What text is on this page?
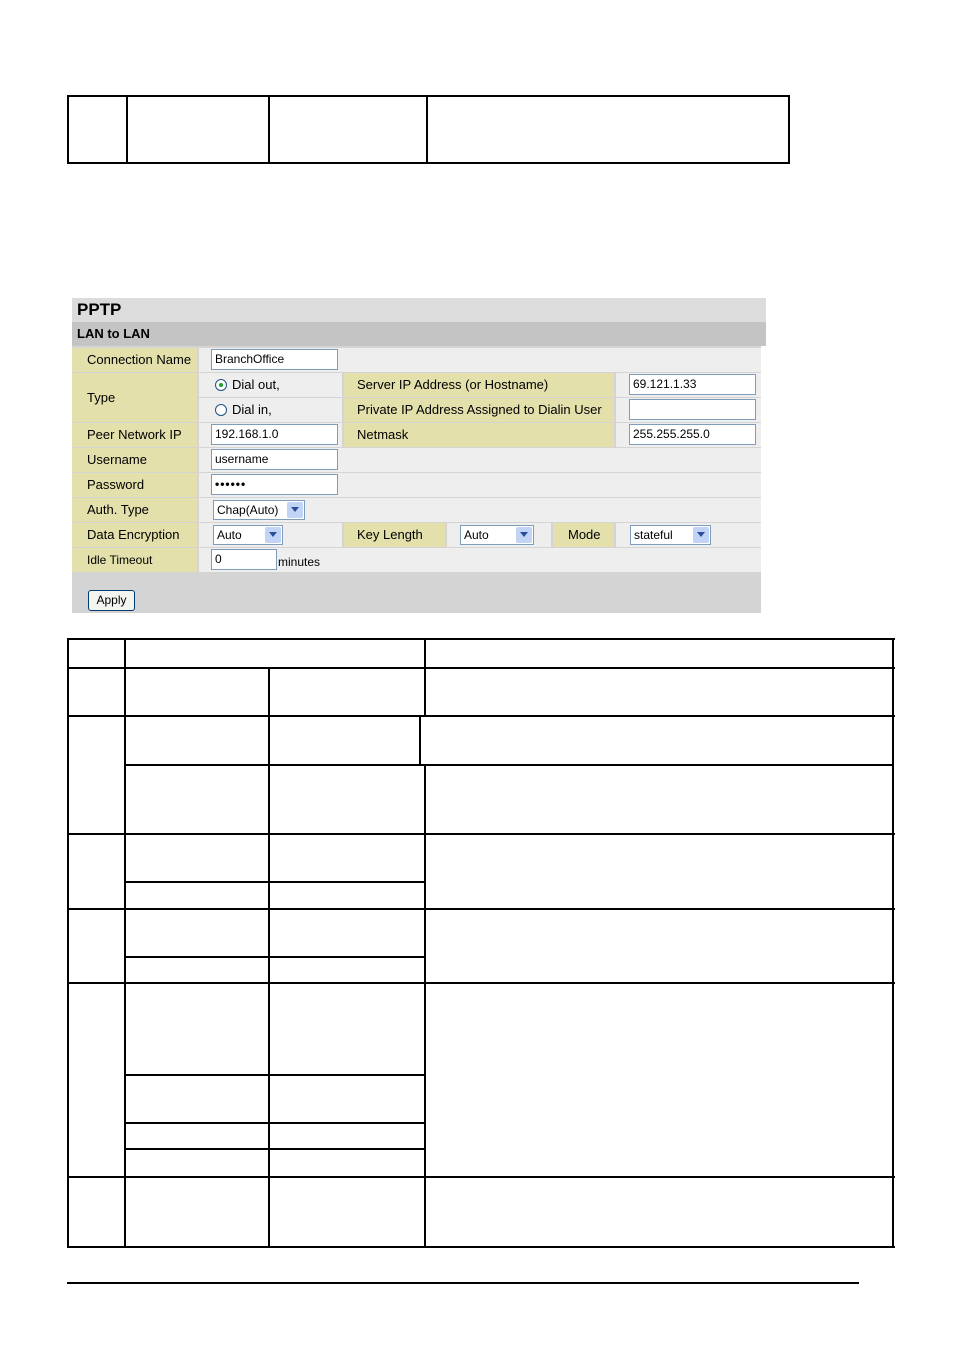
PPTP
LAN to LAN
Connection Name	BranchOffice
Type
Dial out,	Server IP Address (or Hostname)	69.121.1.33
Dial in,	Private IP Address Assigned to Dialin User
Peer Network IP	192.168.1.0	Netmask	255.255.255.0
Username	username
Password	••••••
Auth. Type	Chap(Auto)
Data Encryption	Auto	Key Length	Auto	Mode	stateful
Idle Timeout	0	minutes
Apply
